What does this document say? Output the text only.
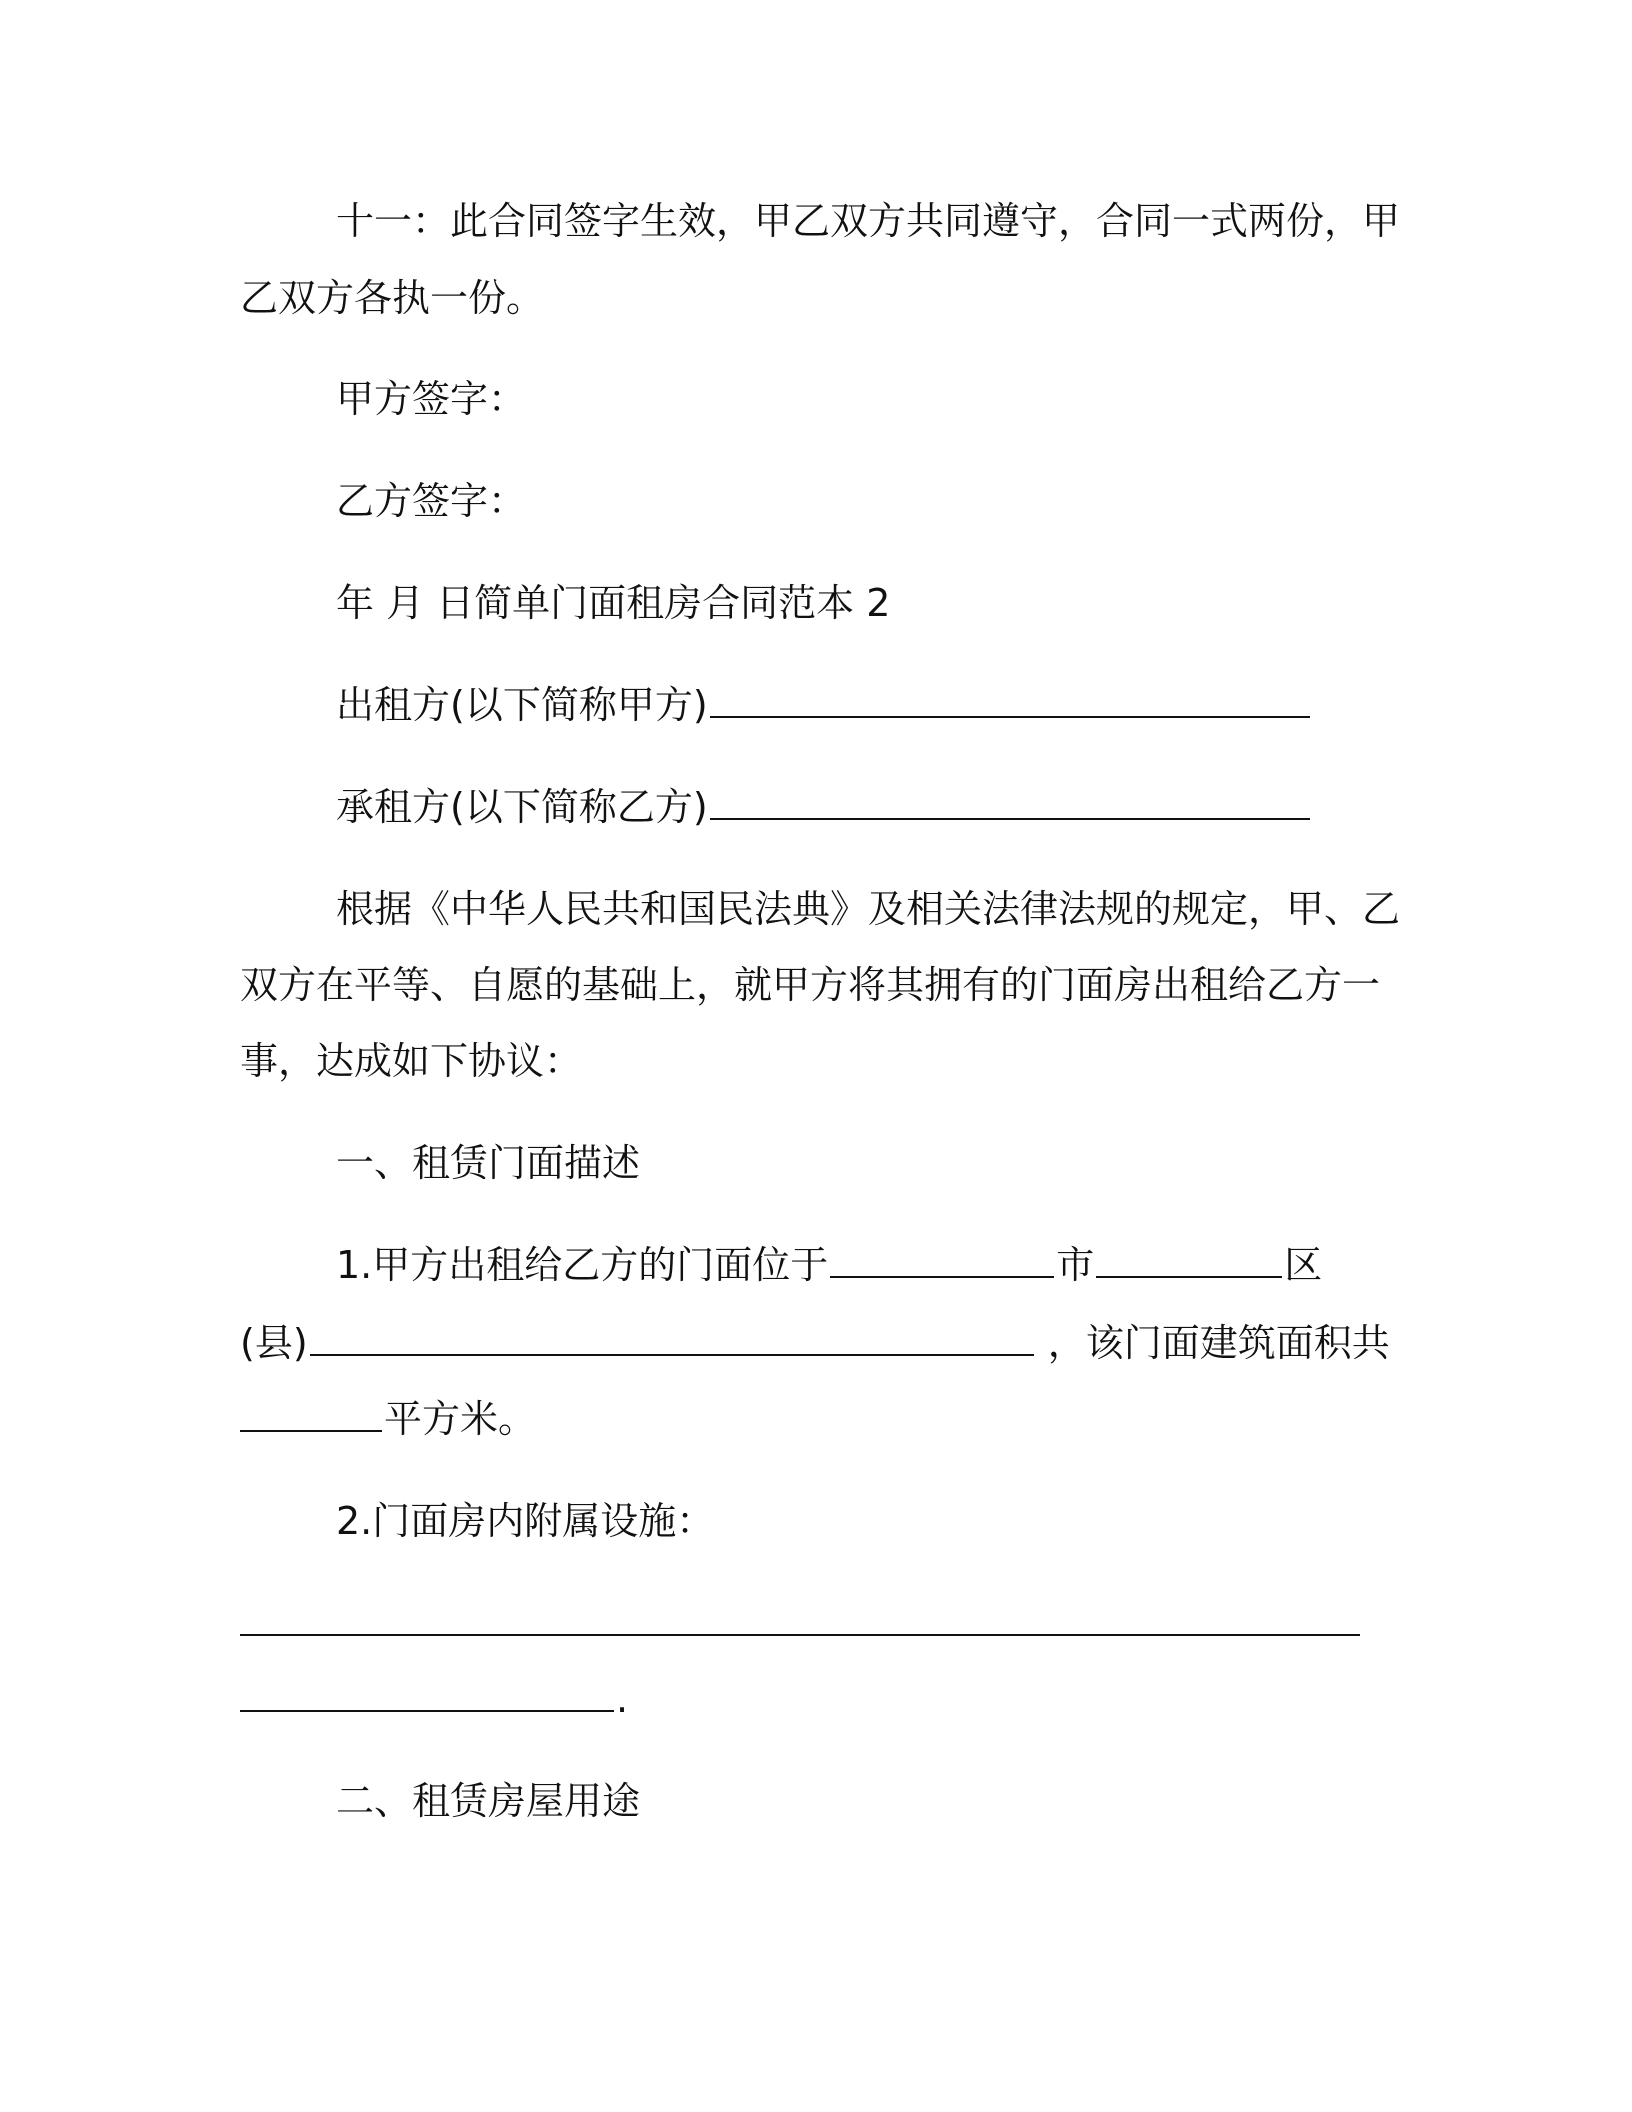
十一：此合同签字生效，甲乙双方共同遵守，合同一式两份，甲
乙双方各执一份。
甲方签字：
乙方签字：
年 月 日简单门面租房合同范本 2
出租方(以下简称甲方)
承租方(以下简称乙方)
根据《中华人民共和国民法典》及相关法律法规的规定，甲、乙
双方在平等、自愿的基础上，就甲方将其拥有的门面房出租给乙方一
事，达成如下协议：
一、租赁门面描述
1.甲方出租给乙方的门面位于	市	区
(县)	，该门面建筑面积共
平方米。
2.门面房内附属设施：
.
二、租赁房屋用途
